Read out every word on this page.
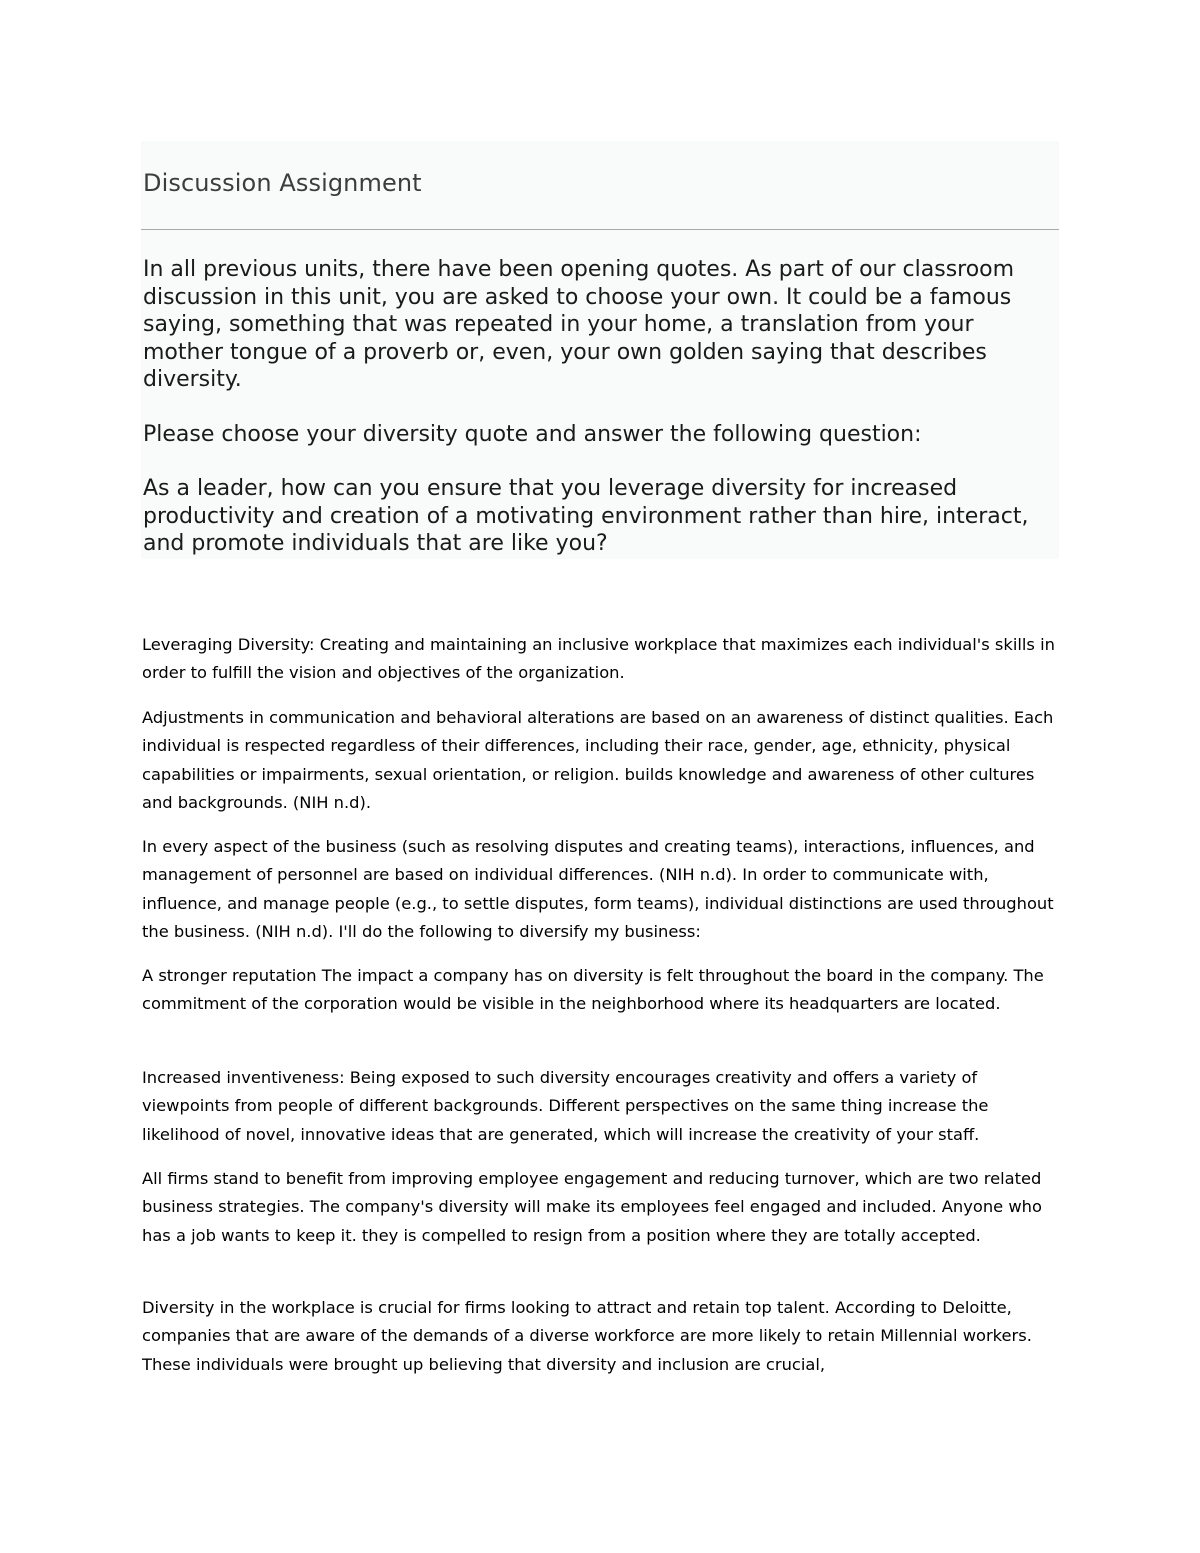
Discussion Assignment

In all previous units, there have been opening quotes. As part of our classroom discussion in this unit, you are asked to choose your own. It could be a famous saying, something that was repeated in your home, a translation from your mother tongue of a proverb or, even, your own golden saying that describes diversity.

Please choose your diversity quote and answer the following question:

As a leader, how can you ensure that you leverage diversity for increased productivity and creation of a motivating environment rather than hire, interact, and promote individuals that are like you?

Leveraging Diversity: Creating and maintaining an inclusive workplace that maximizes each individual's skills in order to fulfill the vision and objectives of the organization.

Adjustments in communication and behavioral alterations are based on an awareness of distinct qualities. Each individual is respected regardless of their differences, including their race, gender, age, ethnicity, physical capabilities or impairments, sexual orientation, or religion. builds knowledge and awareness of other cultures and backgrounds. (NIH n.d).

In every aspect of the business (such as resolving disputes and creating teams), interactions, influences, and management of personnel are based on individual differences. (NIH n.d). In order to communicate with, influence, and manage people (e.g., to settle disputes, form teams), individual distinctions are used throughout the business. (NIH n.d). I'll do the following to diversify my business:

A stronger reputation The impact a company has on diversity is felt throughout the board in the company. The commitment of the corporation would be visible in the neighborhood where its headquarters are located.

Increased inventiveness: Being exposed to such diversity encourages creativity and offers a variety of viewpoints from people of different backgrounds. Different perspectives on the same thing increase the likelihood of novel, innovative ideas that are generated, which will increase the creativity of your staff.

All firms stand to benefit from improving employee engagement and reducing turnover, which are two related business strategies. The company's diversity will make its employees feel engaged and included. Anyone who has a job wants to keep it. they is compelled to resign from a position where they are totally accepted.

Diversity in the workplace is crucial for firms looking to attract and retain top talent. According to Deloitte, companies that are aware of the demands of a diverse workforce are more likely to retain Millennial workers. These individuals were brought up believing that diversity and inclusion are crucial,
